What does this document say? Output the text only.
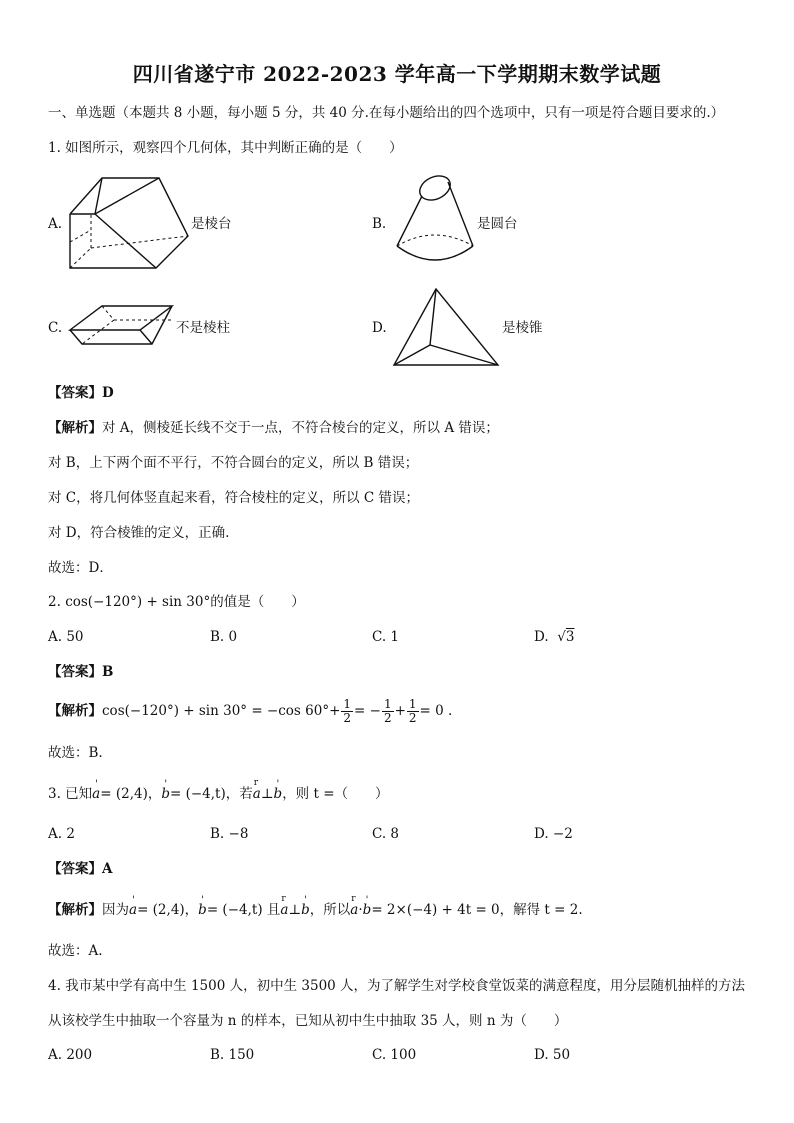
四川省遂宁市 2022-2023 学年高一下学期期末数学试题
一、单选题（本题共 8 小题，每小题 5 分，共 40 分.在每小题给出的四个选项中，只有一项是符合题目要求的.）
1. 如图所示，观察四个几何体，其中判断正确的是（　　）
A.	是棱台	B.	是圆台
C.	不是棱柱	D.	是棱锥
【答案】D
【解析】对 A，侧棱延长线不交于一点，不符合棱台的定义，所以 A 错误；
对 B，上下两个面不平行，不符合圆台的定义，所以 B 错误；
对 C，将几何体竖直起来看，符合棱柱的定义，所以 C 错误；
对 D，符合棱锥的定义，正确.
故选：D．
2. cos(−120°) + sin 30°的值是（　　）
A. 50	B. 0	C. 1	D. √3
【答案】B
【解析】cos(−120°) + sin 30° = −cos $60^\circ+ \frac{1}{2}$ = − $\frac{1}{2} + \frac{1}{2} = 0$ .
故选：B.
3. 已知' a= (2,4)，' b= (−4,t)，若r a⊥' b，则 t =（　　）
A. 2	B. −8	C. 8	D. −2
【答案】A
【解析】因为' a= (2,4)，' b= (−4,t) 且r a⊥' b，所以r a·' b= 2×(−4) + 4t = 0，解得 t = 2.
故选：A.
4. 我市某中学有高中生 1500 人，初中生 3500 人，为了解学生对学校食堂饭菜的满意程度，用分层随机抽样的方法
从该校学生中抽取一个容量为 n 的样本，已知从初中生中抽取 35 人，则 n 为（　　）
A. 200	B. 150	C. 100	D. 50
